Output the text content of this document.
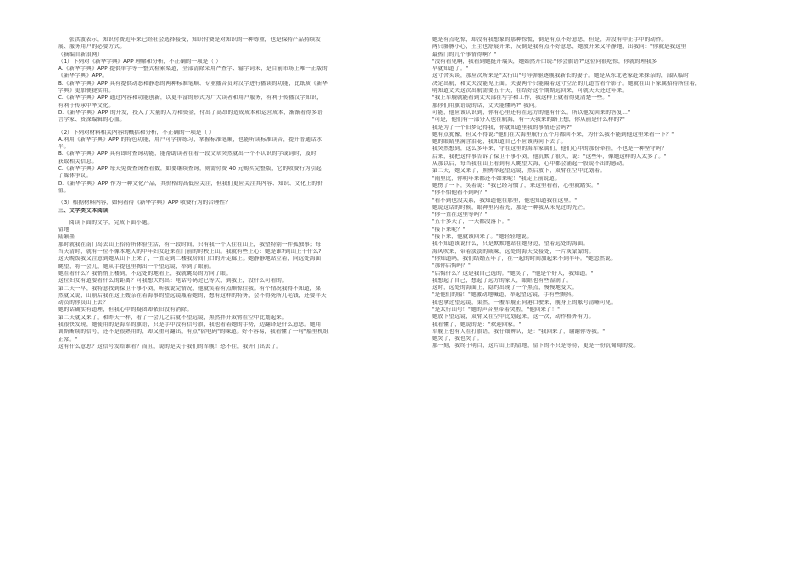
张洪波表示，知识付费近年来已经社会选择接受，知识付费是对知识的一种尊重，也是保持产品持续发
展、服务用户的必要方式。
（摘编自新浪网）
（1）下列对《新华字典》APP 理解和分析，不正确的一项是（ ）
A.《新华字典》APP 提供单字等一整式检索渠道，全部清除采用严查字、输字词未，是目前市场上唯一正版的
《新华字典》APP。
B.《新华字典》APP 具有提供动态和静态的两种标准笔顺、专业播音员对汉字进行播读的功能，比纸质《新华
字典》更加便捷实用。
C.《新华字典》APP 通过内容和功能创新，以更丰富的形式为广大读者和用户服务，有利于传播汉字知识，
有利于传承中华文化。
D.《新华字典》APP 的开发，投入了大量的人力和资金，付出了高昂的造成成本和运营成本，渐渐看得多语
言学家、资深编辑的心血。
（2）下列对材料相关内容的概括和分析，不正确的一项是（ ）
A.利用《新华字典》APP 的特色功能，用户可学拼练习，掌握标准笔顺，也能听读标准读音，提升普通话水
平。
B.《新华字典》APP 具有即时查询功能，能帮助读者在看一段文章突然就出一个不认识的字或词时，及时
获取相关信息。
C.《新华字典》APP 每天免费查询查看数，如要继续查询，则需付费 40 元购买完整版，它的收费行为引起
了媒体争议。
D.《新华字典》APP 作为一种文化产品，其价格的高低应关注，但我们更应关注其内容、知识、文化上的价
值。
（3）根据材料内容，如何看待《新华字典》APP 收费行为的合理性？
三、文学类文本阅读
阅读下面的文字，完成下面小题。
留地
陆颖墨
那时就我在南门岛去山上招待所体验生活，有一段时间，只有我一个人住在山上，我望特别一件孤独事；每
当天清时，就有一位不像本地人的中年妇女赶来在门前的时校上山。我就有些上心：她是谁?到山上干什么?
这天晚饭我又注意到她从山下上来了，一直走到二楼我房间门口的开走廊上。她静静地站立着，向远处海面
眺望，将一会儿，她从手提包里掏出一个望远镜，举到了眼前。
她在看什么？我悄悄上楼到，不远处的地看上，我就眺岛的方向了眼。
这位妇女有道要看什么的距离？可我想大约出：电话号码过已等大，到我上，没什么可看的。
第二天一早，我特意找到保卫干事小刘，听我说完情况，他就笑着有点颇惊住我。有个情况我得不知道，果
然就又说，山崩后我在这上嫂亲在着海事的望远镜瓶着她的，想有这样的特务，会不得死所几毛钱，还要半天
动员的你员山上去？
她的话确实有道理，但我心中的疑团却依旧没有消除。
第二天就又来了，和昨天一样，看了一会儿之后就不望远镜，黑然拌开双臂在空中比划起来。
我很快发现，她使用的是海军的旗语，只是手中没有信号旗，我也看着她的手势，边翻译是什么意思。她用
训斯断续的信号，还不是很熟用的，却又重可翻出，有点"宿电码"的味道。好不容易，我看懂了一句"船里机组
正常。"
这有什么意思？这信号发给谁看？而且，说的是关于我们的军舰！恐不住，我开门出去了。
她是有点吃惊，却没有我想象的那种惊慌，倒是有点不好意思，但是，并没有中止手中的动作。
两只胳膊小心，王主也舒展开来，反倒是我有点不好意思，她放开来又平静地，出我问："你就是我这里
最热门的几个事情得啊？"
"没有看见啊，我看到她挺开端头，她始然开口说:"你会旗语?"这位问很吃惊，你就的理我多
早就知道了。"
这寸舍头谈，那应次所来是"太行山"号导弹驱逐舰我新长的妻子。她是从东北老家赶来探亲的，部队临时
决定出航，和丈夫没能见上面。夫妻两个只能隔着这寸空茫的儿道雪看个影子。她就在山下家属招待所住着，
明知道丈夫这次出航需要五十天，在结好这个期期远回来，可就天天还过年来。
"我上军舰就能看到丈夫部在写字和工作，我这样上就看得更清楚一些。"
那你们用旗语说的话，丈夫能懂吗?" 我问。
可能，他应该认识到，你有心里还有在远方的他有什么。所以他发回来的答复…"
"可是，他们有一部分人也在航海，有一天我来的路上想，你从前是什么样的?"
我是为了一个旧梦记得我，你就知道里我的事情还会吗?"
她有点犹豫，但又不得说:"他们在大海里航行五个月都回不来，为什么我不能到他这里来看一下？"
她的眼睛里满含泪花，我知道自己不应该再问下去了。
我突然想到，这么多年来，守在这里的海军家属们，他们心中的那份牵挂，不也是一种坚守吗？
后来，我把这件事告诉了保卫干事小刘，他沉默了很久，说："这些年，像她这样的人太多了。"
从那以后，每当我在山上看到有人眺望大海，心中都会涌起一股说不出的感动。
第二天，她又来了，照例举起望远镜，然后放下，双臂在空中比划着。
"雨里比，你明年来都还不如来呢！"我走上前说道。
她愣了一下，笑着说："我已经习惯了，来这里看看，心里就踏实。"
"你不怕他看不到吗？"
"看不到也没关系，我知道他在那里，他也知道我在这里。"
她说这话的时候，眼神里闪着光，那是一种我从未见过的光芒。
"你一直在这里等吗？"
"五十多天了，一天都没落下。"
"接下来呢？"
"接下来，他就该回来了。"她轻轻地说。
我不知道该说什么，只是默默地站在她身边，望着远处的海面。
海风吹来，带着淡淡的咸味，远处的海天交接处，一片灰蒙蒙的。
"你知道吗，我们结婚五年了，在一起的时间加起来不到半年。"她忽然说。
"那你后悔吗？"
"后悔什么？这是我自己选的。"她笑了，"他是个好人，我知道。"
我想起了自己，想起了远方的家人，眼眶也有些湿润了。
这时，远处的海面上，隐约出现了一个黑点，慢慢地变大。
"是他们的船！"她激动地喊道，举起望远镜，手有些颤抖。
我也拿过望远镜，果然，一艘军舰正向港口驶来，舰身上的舷号清晰可见。
"是太行山号！"她的声音里带着哭腔，"他回来了！"
她放下望远镜，双臂又在空中比划起来，这一次，动作格外有力。
我看懂了，她说的是："欢迎回家。"
军舰上也有人在打旗语，我仔细辨认，是："我回来了，谢谢你等我。"
她哭了，我也哭了。
那一刻，我终于明白，这片山上的留地，留下的不只是等待，更是一份沉甸甸的爱。
